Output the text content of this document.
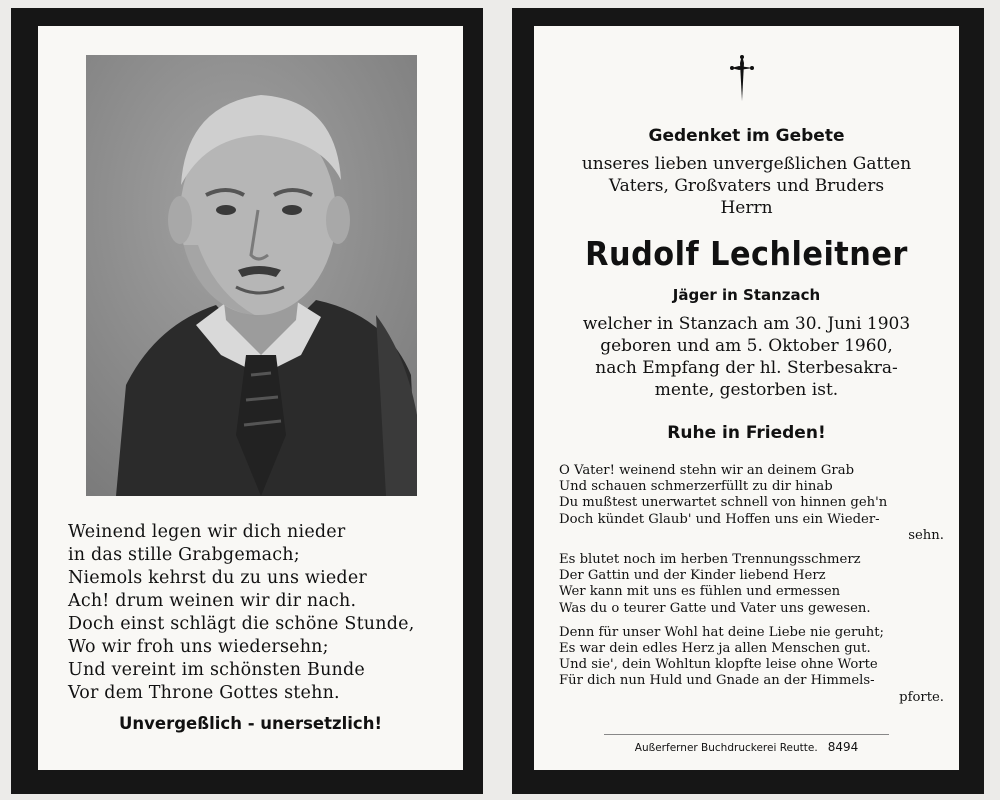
Weinend legen wir dich nieder
in das stille Grabgemach;
Niemols kehrst du zu uns wieder
Ach! drum weinen wir dir nach.
Doch einst schlägt die schöne Stunde,
Wo wir froh uns wiedersehn;
Und vereint im schönsten Bunde
Vor dem Throne Gottes stehn.
Unvergeßlich - unersetzlich!
Gedenket im Gebete
unseres lieben unvergeßlichen Gatten
Vaters, Großvaters und Bruders
Herrn
Rudolf Lechleitner
Jäger in Stanzach
welcher in Stanzach am 30. Juni 1903
geboren und am 5. Oktober 1960,
nach Empfang der hl. Sterbesakra-
mente, gestorben ist.
Ruhe in Frieden!
O Vater! weinend stehn wir an deinem Grab
Und schauen schmerzerfüllt zu dir hinab
Du mußtest unerwartet schnell von hinnen geh'n
Doch kündet Glaub' und Hoffen uns ein Wieder-
sehn.
Es blutet noch im herben Trennungsschmerz
Der Gattin und der Kinder liebend Herz
Wer kann mit uns es fühlen und ermessen
Was du o teurer Gatte und Vater uns gewesen.
Denn für unser Wohl hat deine Liebe nie geruht;
Es war dein edles Herz ja allen Menschen gut.
Und sie', dein Wohltun klopfte leise ohne Worte
Für dich nun Huld und Gnade an der Himmels-
pforte.
Außerferner Buchdruckerei Reutte. 8494
